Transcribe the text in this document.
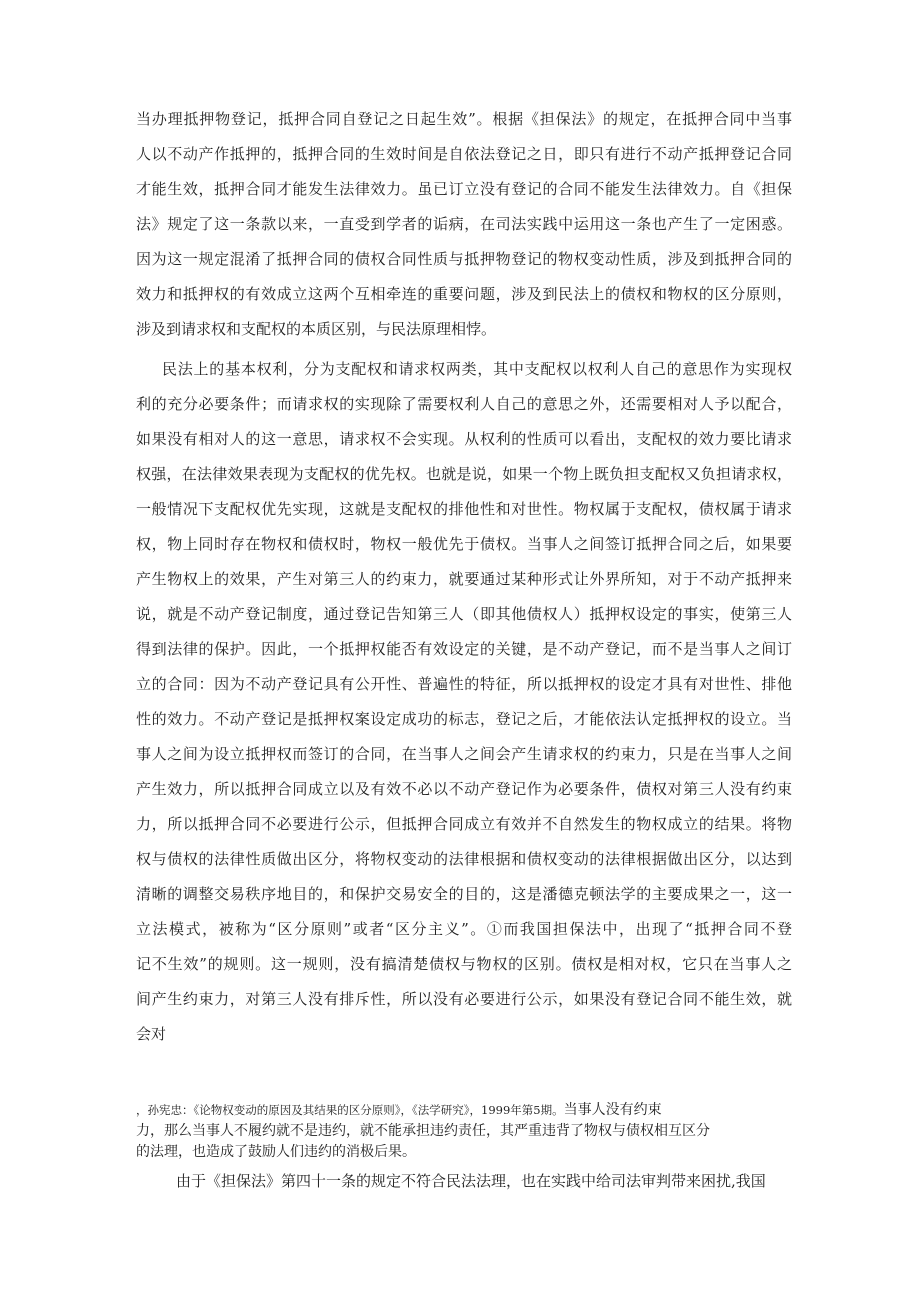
当办理抵押物登记，抵押合同自登记之日起生效”。根据《担保法》的规定，在抵押合同中当事
人以不动产作抵押的，抵押合同的生效时间是自依法登记之日，即只有进行不动产抵押登记合同
才能生效，抵押合同才能发生法律效力。虽已订立没有登记的合同不能发生法律效力。自《担保
法》规定了这一条款以来，一直受到学者的诟病，在司法实践中运用这一条也产生了一定困惑。
因为这一规定混淆了抵押合同的债权合同性质与抵押物登记的物权变动性质，涉及到抵押合同的
效力和抵押权的有效成立这两个互相牵连的重要问题，涉及到民法上的债权和物权的区分原则，
涉及到请求权和支配权的本质区别，与民法原理相悖。
民法上的基本权利，分为支配权和请求权两类，其中支配权以权利人自己的意思作为实现权
利的充分必要条件；而请求权的实现除了需要权利人自己的意思之外，还需要相对人予以配合，
如果没有相对人的这一意思，请求权不会实现。从权利的性质可以看出，支配权的效力要比请求
权强，在法律效果表现为支配权的优先权。也就是说，如果一个物上既负担支配权又负担请求权，
一般情况下支配权优先实现，这就是支配权的排他性和对世性。物权属于支配权，债权属于请求
权，物上同时存在物权和债权时，物权一般优先于债权。当事人之间签订抵押合同之后，如果要
产生物权上的效果，产生对第三人的约束力，就要通过某种形式让外界所知，对于不动产抵押来
说，就是不动产登记制度，通过登记告知第三人（即其他债权人）抵押权设定的事实，使第三人
得到法律的保护。因此，一个抵押权能否有效设定的关键，是不动产登记，而不是当事人之间订
立的合同：因为不动产登记具有公开性、普遍性的特征，所以抵押权的设定才具有对世性、排他
性的效力。不动产登记是抵押权案设定成功的标志，登记之后，才能依法认定抵押权的设立。当
事人之间为设立抵押权而签订的合同，在当事人之间会产生请求权的约束力，只是在当事人之间
产生效力，所以抵押合同成立以及有效不必以不动产登记作为必要条件，债权对第三人没有约束
力，所以抵押合同不必要进行公示，但抵押合同成立有效并不自然发生的物权成立的结果。将物
权与债权的法律性质做出区分，将物权变动的法律根据和债权变动的法律根据做出区分，以达到
清晰的调整交易秩序地目的，和保护交易安全的目的，这是潘德克顿法学的主要成果之一，这一
立法模式，被称为“区分原则”或者“区分主义”。①而我国担保法中，出现了“抵押合同不登
记不生效”的规则。这一规则，没有搞清楚债权与物权的区别。债权是相对权，它只在当事人之
间产生约束力，对第三人没有排斥性，所以没有必要进行公示，如果没有登记合同不能生效，就
会对
，孙宪忠：《论物权变动的原因及其结果的区分原则》，《法学研究》，1999年第5期。当事人没有约束
力，那么当事人不履约就不是违约，就不能承担违约责任，其严重违背了物权与债权相互区分
的法理，也造成了鼓励人们违约的消极后果。
由于《担保法》第四十一条的规定不符合民法法理，也在实践中给司法审判带来困扰,我国
